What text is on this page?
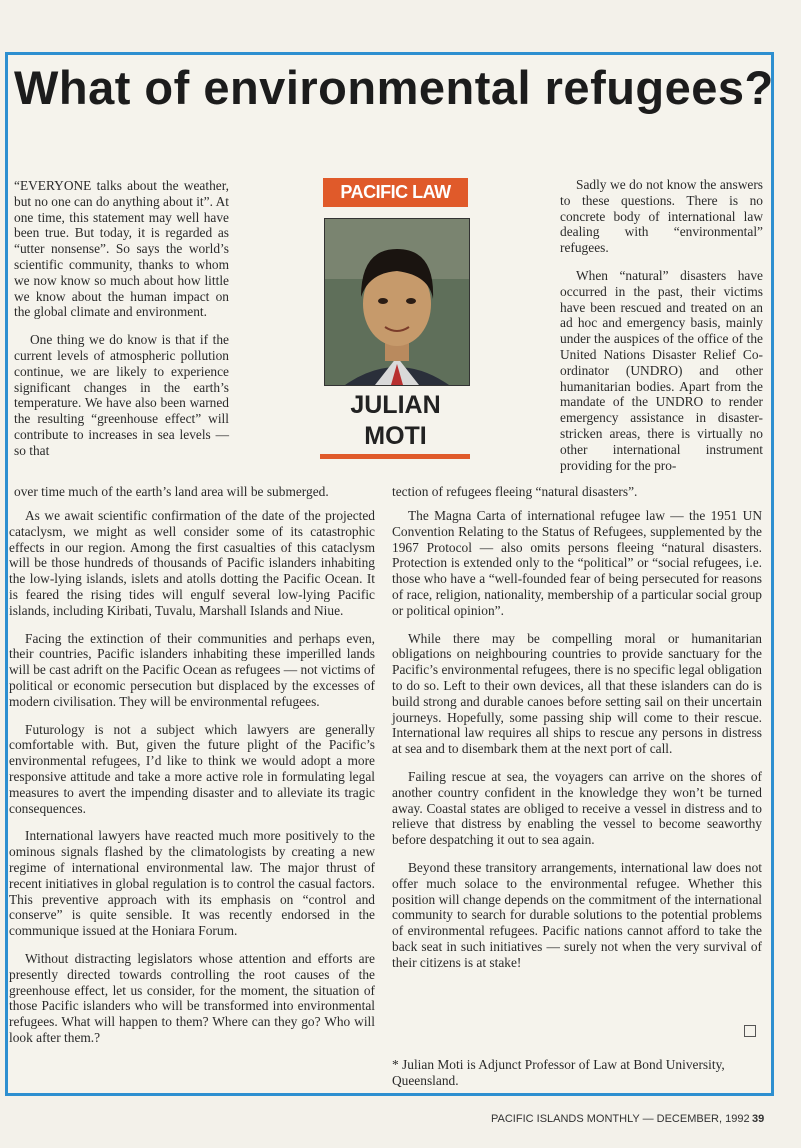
What of environmental refugees?

“EVERYONE talks about the weather, but no one can do anything about it”. At one time, this statement may well have been true. But today, it is regarded as “utter nonsense”. So says the world’s scientific community, thanks to whom we now know so much about how little we know about the human impact on the global climate and environment.

One thing we do know is that if the current levels of atmospheric pollution continue, we are likely to experience significant changes in the earth’s temperature. We have also been warned the resulting “greenhouse effect” will contribute to increases in sea levels — so that

over time much of the earth’s land area will be submerged.
PACIFIC LAW
JULIAN
MOTI

Sadly we do not know the answers to these questions. There is no concrete body of international law dealing with “environmental” refugees.

When “natural” disasters have occurred in the past, their victims have been rescued and treated on an ad hoc and emergency basis, mainly under the auspices of the office of the United Nations Disaster Relief Co-ordinator (UNDRO) and other humanitarian bodies. Apart from the mandate of the UNDRO to render emergency assistance in disaster-stricken areas, there is virtually no other international instrument providing for the pro-

tection of refugees fleeing “natural disasters”.

As we await scientific confirmation of the date of the projected cataclysm, we might as well consider some of its catastrophic effects in our region. Among the first casualties of this cataclysm will be those hundreds of thousands of Pacific islanders inhabiting the low-lying islands, islets and atolls dotting the Pacific Ocean. It is feared the rising tides will engulf several low-lying Pacific islands, including Kiribati, Tuvalu, Marshall Islands and Niue.

Facing the extinction of their communities and perhaps even, their countries, Pacific islanders inhabiting these imperilled lands will be cast adrift on the Pacific Ocean as refugees — not victims of political or economic persecution but displaced by the excesses of modern civilisation. They will be environmental refugees.

Futurology is not a subject which lawyers are generally comfortable with. But, given the future plight of the Pacific’s environmental refugees, I’d like to think we would adopt a more responsive attitude and take a more active role in formulating legal measures to avert the impending disaster and to alleviate its tragic consequences.

International lawyers have reacted much more positively to the ominous signals flashed by the climatologists by creating a new regime of international environmental law. The major thrust of recent initiatives in global regulation is to control the casual factors. This preventive approach with its emphasis on “control and conserve” is quite sensible. It was recently endorsed in the communique issued at the Honiara Forum.

Without distracting legislators whose attention and efforts are presently directed towards controlling the root causes of the greenhouse effect, let us consider, for the moment, the situation of those Pacific islanders who will be transformed into environmental refugees. What will happen to them? Where can they go? Who will look after them.?

The Magna Carta of international refugee law — the 1951 UN Convention Relating to the Status of Refugees, supplemented by the 1967 Protocol — also omits persons fleeing “natural disasters. Protection is extended only to the “political” or “social refugees, i.e. those who have a “well-founded fear of being persecuted for reasons of race, religion, nationality, membership of a particular social group or political opinion”.

While there may be compelling moral or humanitarian obligations on neighbouring countries to provide sanctuary for the Pacific’s environmental refugees, there is no specific legal obligation to do so. Left to their own devices, all that these islanders can do is build strong and durable canoes before setting sail on their uncertain journeys. Hopefully, some passing ship will come to their rescue. International law requires all ships to rescue any persons in distress at sea and to disembark them at the next port of call.

Failing rescue at sea, the voyagers can arrive on the shores of another country confident in the knowledge they won’t be turned away. Coastal states are obliged to receive a vessel in distress and to relieve that distress by enabling the vessel to become seaworthy before despatching it out to sea again.

Beyond these transitory arrangements, international law does not offer much solace to the environmental refugee. Whether this position will change depends on the commitment of the international community to search for durable solutions to the potential problems of environmental refugees. Pacific nations cannot afford to take the back seat in such initiatives — surely not when the very survival of their citizens is at stake!

* Julian Moti is Adjunct Professor of Law at Bond University, Queensland.
PACIFIC ISLANDS MONTHLY — DECEMBER, 1992 39
